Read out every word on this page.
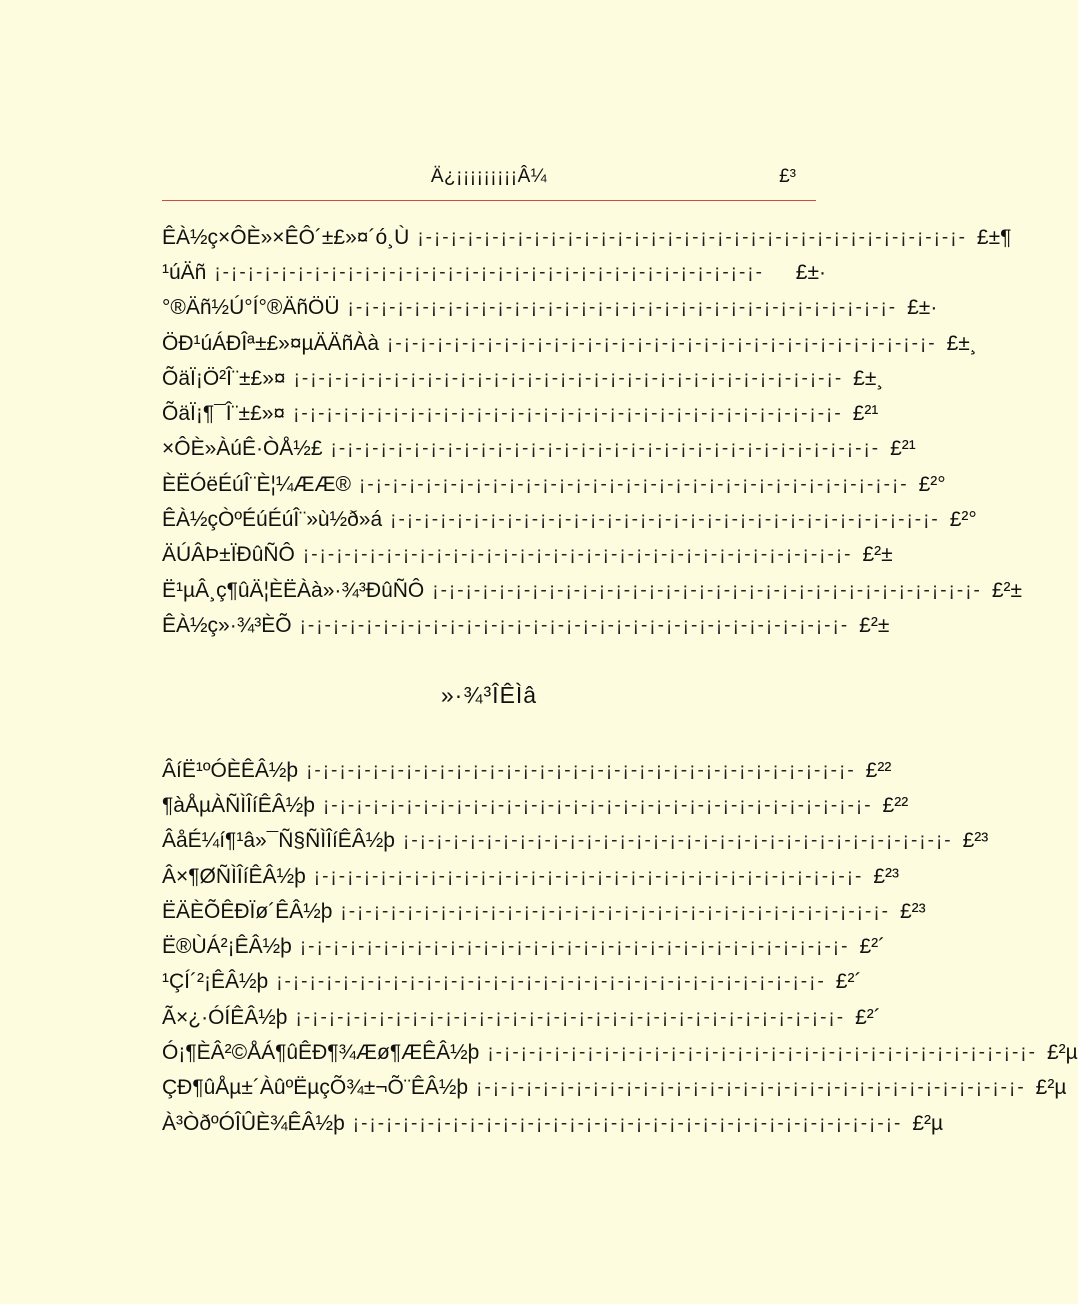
Ä¿¡¡¡¡¡¡¡¡¡Â¼	£³
ÊÀ½ç×ÔÈ»×ÊÔ´±£»¤´ó¸Ù ¡-¡-¡-¡-¡-¡-¡-¡-¡-¡-¡-¡-¡-¡-¡-¡-¡-¡-¡-¡-¡-¡-¡-¡-¡-¡-¡-¡-¡-¡-¡-¡-¡- £±¶
¹úÄñ ¡-¡-¡-¡-¡-¡-¡-¡-¡-¡-¡-¡-¡-¡-¡-¡-¡-¡-¡-¡-¡-¡-¡-¡-¡-¡-¡-¡-¡-¡-¡-¡-¡-	£±·
°®Äñ½Ú°Í°®ÄñÖÜ ¡-¡-¡-¡-¡-¡-¡-¡-¡-¡-¡-¡-¡-¡-¡-¡-¡-¡-¡-¡-¡-¡-¡-¡-¡-¡-¡-¡-¡-¡-¡-¡-¡- £±·
ÖÐ¹úÁÐÎª±£»¤µÄÄñÀà ¡-¡-¡-¡-¡-¡-¡-¡-¡-¡-¡-¡-¡-¡-¡-¡-¡-¡-¡-¡-¡-¡-¡-¡-¡-¡-¡-¡-¡-¡-¡-¡-¡- £±¸
ÕäÏ¡Ö²Î¨±£»¤ ¡-¡-¡-¡-¡-¡-¡-¡-¡-¡-¡-¡-¡-¡-¡-¡-¡-¡-¡-¡-¡-¡-¡-¡-¡-¡-¡-¡-¡-¡-¡-¡-¡- £±¸
ÕäÏ¡¶¯Î¨±£»¤ ¡-¡-¡-¡-¡-¡-¡-¡-¡-¡-¡-¡-¡-¡-¡-¡-¡-¡-¡-¡-¡-¡-¡-¡-¡-¡-¡-¡-¡-¡-¡-¡-¡- £²¹
×ÔÈ»ÀúÊ·ÒÅ½£ ¡-¡-¡-¡-¡-¡-¡-¡-¡-¡-¡-¡-¡-¡-¡-¡-¡-¡-¡-¡-¡-¡-¡-¡-¡-¡-¡-¡-¡-¡-¡-¡-¡- £²¹
ÈËÓëÉúÎ¨È¦¼ÆÆ® ¡-¡-¡-¡-¡-¡-¡-¡-¡-¡-¡-¡-¡-¡-¡-¡-¡-¡-¡-¡-¡-¡-¡-¡-¡-¡-¡-¡-¡-¡-¡-¡-¡- £²°
ÊÀ½çÒºÉúÉúÎ¨»ù½ð»á ¡-¡-¡-¡-¡-¡-¡-¡-¡-¡-¡-¡-¡-¡-¡-¡-¡-¡-¡-¡-¡-¡-¡-¡-¡-¡-¡-¡-¡-¡-¡-¡-¡- £²°
ÄÚÂÞ±ÏÐûÑÔ ¡-¡-¡-¡-¡-¡-¡-¡-¡-¡-¡-¡-¡-¡-¡-¡-¡-¡-¡-¡-¡-¡-¡-¡-¡-¡-¡-¡-¡-¡-¡-¡-¡- £²±
Ë¹µÂ¸ç¶ûÄ¦ÈËÀà»·¾³ÐûÑÔ ¡-¡-¡-¡-¡-¡-¡-¡-¡-¡-¡-¡-¡-¡-¡-¡-¡-¡-¡-¡-¡-¡-¡-¡-¡-¡-¡-¡-¡-¡-¡-¡-¡- £²±
ÊÀ½ç»·¾³ÈÕ ¡-¡-¡-¡-¡-¡-¡-¡-¡-¡-¡-¡-¡-¡-¡-¡-¡-¡-¡-¡-¡-¡-¡-¡-¡-¡-¡-¡-¡-¡-¡-¡-¡- £²±
»·¾³ÎÊÌâ
ÂíË¹ºÓÈÊÂ½þ ¡-¡-¡-¡-¡-¡-¡-¡-¡-¡-¡-¡-¡-¡-¡-¡-¡-¡-¡-¡-¡-¡-¡-¡-¡-¡-¡-¡-¡-¡-¡-¡-¡- £²²
¶àÅµÀÑÌÎíÊÂ½þ ¡-¡-¡-¡-¡-¡-¡-¡-¡-¡-¡-¡-¡-¡-¡-¡-¡-¡-¡-¡-¡-¡-¡-¡-¡-¡-¡-¡-¡-¡-¡-¡-¡- £²²
ÂåÉ¼í¶¹â»¯Ñ§ÑÌÎíÊÂ½þ ¡-¡-¡-¡-¡-¡-¡-¡-¡-¡-¡-¡-¡-¡-¡-¡-¡-¡-¡-¡-¡-¡-¡-¡-¡-¡-¡-¡-¡-¡-¡-¡-¡- £²³
Â×¶ØÑÌÎíÊÂ½þ ¡-¡-¡-¡-¡-¡-¡-¡-¡-¡-¡-¡-¡-¡-¡-¡-¡-¡-¡-¡-¡-¡-¡-¡-¡-¡-¡-¡-¡-¡-¡-¡-¡- £²³
ËÄÈÕÊÐÏø´ÊÂ½þ ¡-¡-¡-¡-¡-¡-¡-¡-¡-¡-¡-¡-¡-¡-¡-¡-¡-¡-¡-¡-¡-¡-¡-¡-¡-¡-¡-¡-¡-¡-¡-¡-¡- £²³
Ë®ÙÁ²¡ÊÂ½þ ¡-¡-¡-¡-¡-¡-¡-¡-¡-¡-¡-¡-¡-¡-¡-¡-¡-¡-¡-¡-¡-¡-¡-¡-¡-¡-¡-¡-¡-¡-¡-¡-¡- £²´
¹ÇÍ´²¡ÊÂ½þ ¡-¡-¡-¡-¡-¡-¡-¡-¡-¡-¡-¡-¡-¡-¡-¡-¡-¡-¡-¡-¡-¡-¡-¡-¡-¡-¡-¡-¡-¡-¡-¡-¡- £²´
Ã×¿·ÓÍÊÂ½þ ¡-¡-¡-¡-¡-¡-¡-¡-¡-¡-¡-¡-¡-¡-¡-¡-¡-¡-¡-¡-¡-¡-¡-¡-¡-¡-¡-¡-¡-¡-¡-¡-¡- £²´
Ó¡¶ÈÂ²©ÅÁ¶ûÊÐ¶¾Æø¶ÆÊÂ½þ ¡-¡-¡-¡-¡-¡-¡-¡-¡-¡-¡-¡-¡-¡-¡-¡-¡-¡-¡-¡-¡-¡-¡-¡-¡-¡-¡-¡-¡-¡-¡-¡-¡- £²µ
ÇÐ¶ûÅµ±´ÀûºËµçÕ¾±¬Õ¨ÊÂ½þ ¡-¡-¡-¡-¡-¡-¡-¡-¡-¡-¡-¡-¡-¡-¡-¡-¡-¡-¡-¡-¡-¡-¡-¡-¡-¡-¡-¡-¡-¡-¡-¡-¡- £²µ
À³ÒðºÓÎÛÈ¾ÊÂ½þ ¡-¡-¡-¡-¡-¡-¡-¡-¡-¡-¡-¡-¡-¡-¡-¡-¡-¡-¡-¡-¡-¡-¡-¡-¡-¡-¡-¡-¡-¡-¡-¡-¡- £²µ
